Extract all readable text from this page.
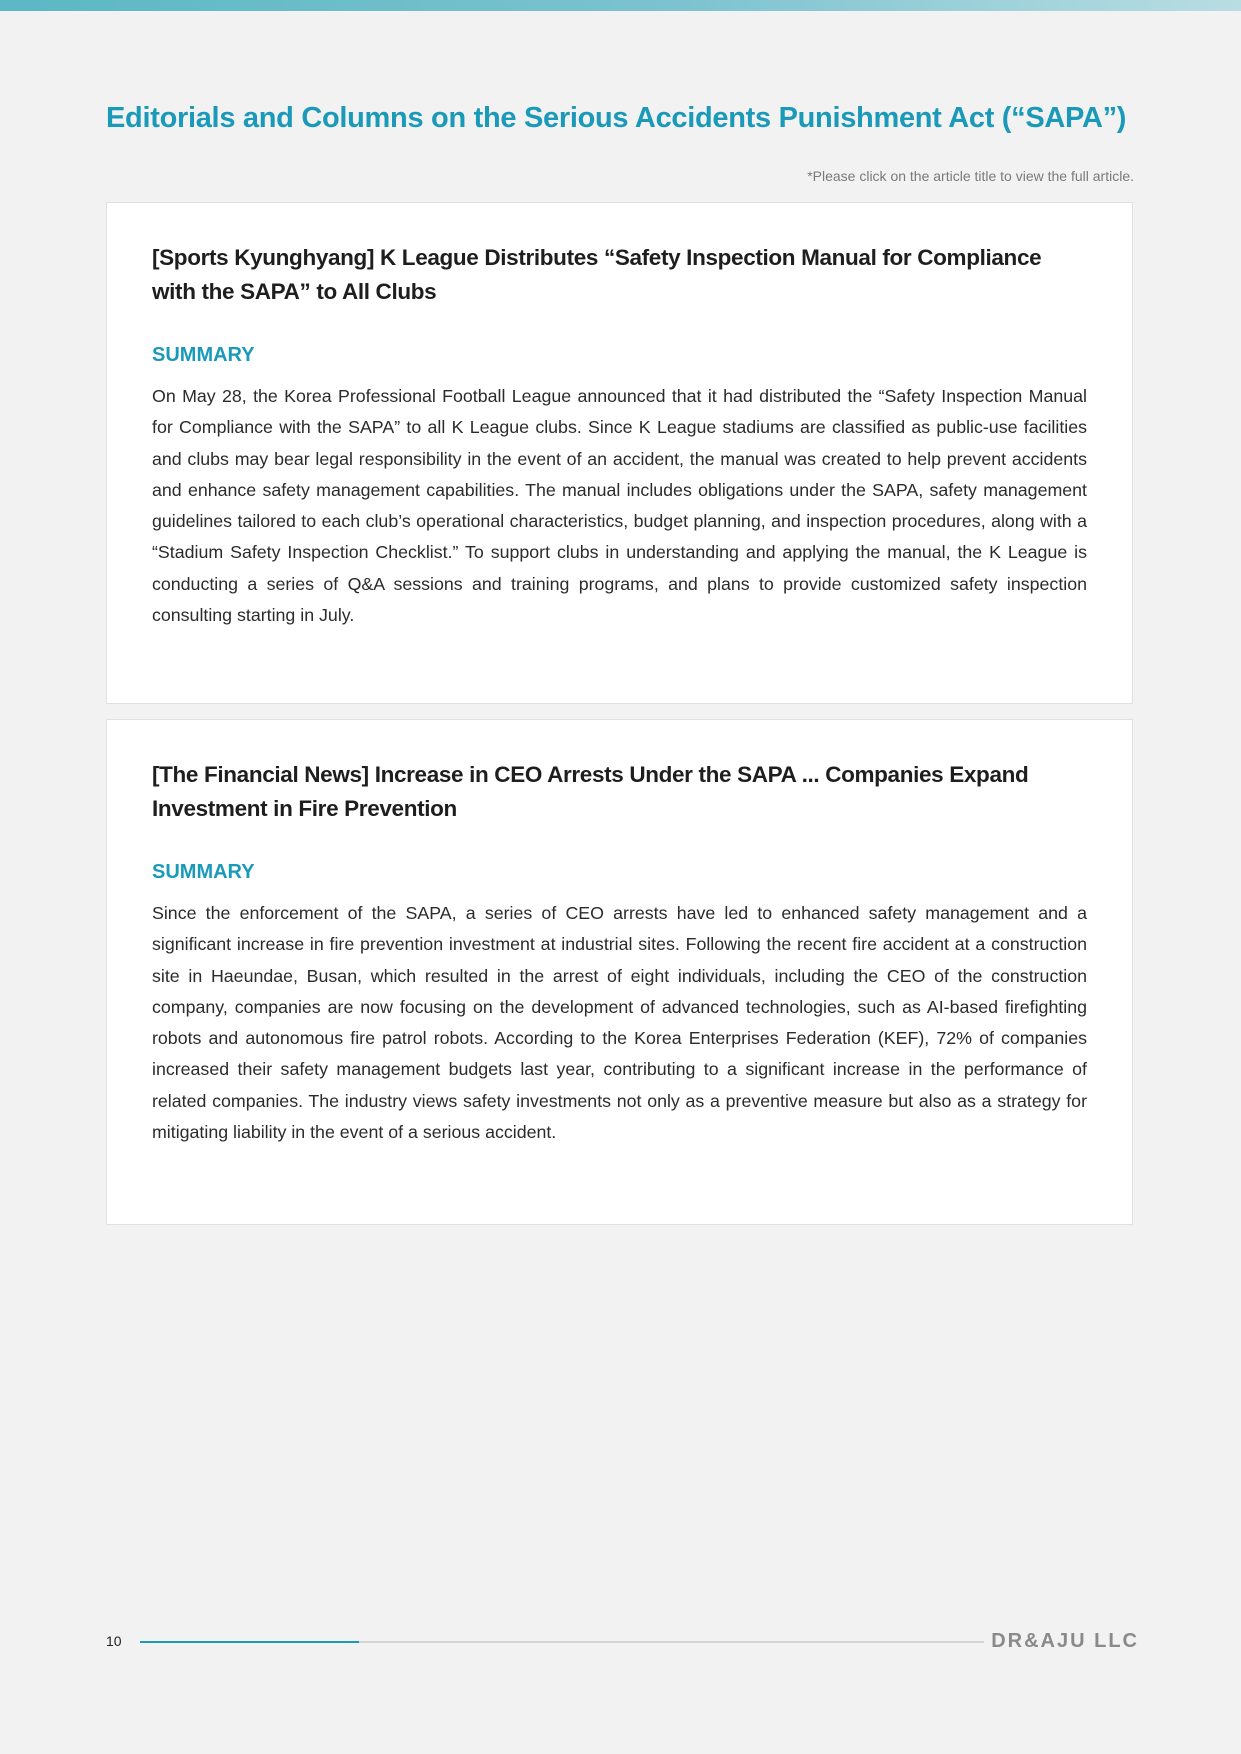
Editorials and Columns on the Serious Accidents Punishment Act (“SAPA”)
*Please click on the article title to view the full article.
[Sports Kyunghyang] K League Distributes “Safety Inspection Manual for Compliance with the SAPA” to All Clubs
SUMMARY

On May 28, the Korea Professional Football League announced that it had distributed the “Safety Inspection Manual for Compliance with the SAPA” to all K League clubs. Since K League stadiums are classified as public-use facilities and clubs may bear legal responsibility in the event of an accident, the manual was created to help prevent accidents and enhance safety management capabilities. The manual includes obligations under the SAPA, safety management guidelines tailored to each club’s operational characteristics, budget planning, and inspection procedures, along with a “Stadium Safety Inspection Checklist.” To support clubs in understanding and applying the manual, the K League is conducting a series of Q&A sessions and training programs, and plans to provide customized safety inspection consulting starting in July.

[The Financial News] Increase in CEO Arrests Under the SAPA ... Companies Expand Investment in Fire Prevention
SUMMARY

Since the enforcement of the SAPA, a series of CEO arrests have led to enhanced safety management and a significant increase in fire prevention investment at industrial sites. Following the recent fire accident at a construction site in Haeundae, Busan, which resulted in the arrest of eight individuals, including the CEO of the construction company, companies are now focusing on the development of advanced technologies, such as AI-based firefighting robots and autonomous fire patrol robots. According to the Korea Enterprises Federation (KEF), 72% of companies increased their safety management budgets last year, contributing to a significant increase in the performance of related companies. The industry views safety investments not only as a preventive measure but also as a strategy for mitigating liability in the event of a serious accident.

10	DR&AJU LLC
